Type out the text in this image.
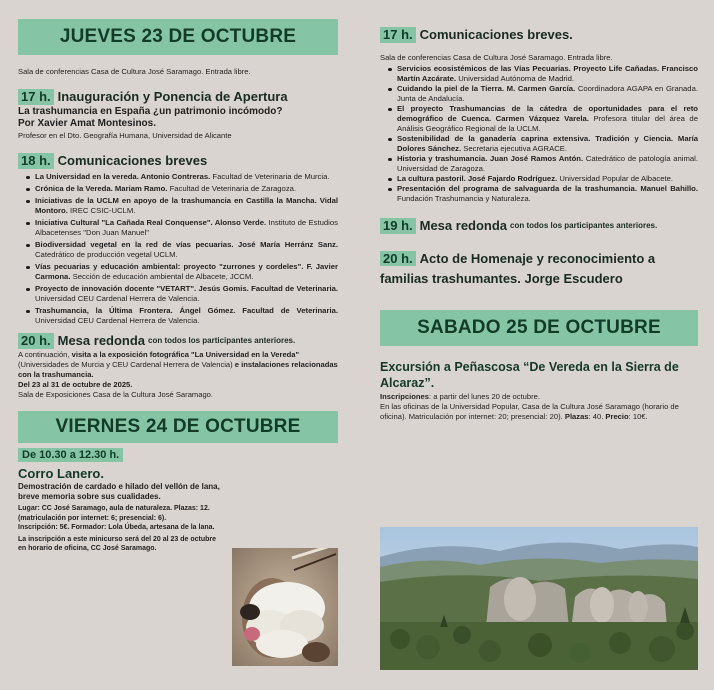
JUEVES 23 DE OCTUBRE
Sala de conferencias Casa de Cultura José Saramago. Entrada libre.
17 h. Inauguración y Ponencia de Apertura
La trashumancia en España ¿un patrimonio incómodo?
Por Xavier Amat Montesinos.
Profesor en el Dto. Geografía Humana, Universidad de Alicante
18 h. Comunicaciones breves
La Universidad en la vereda. Antonio Contreras. Facultad de Veterinaria de Murcia.
Crónica de la Vereda. Mariam Ramo. Facultad de Veterinaria de Zaragoza.
Iniciativas de la UCLM en apoyo de la trashumancia en Castilla la Mancha. Vidal Montoro. IREC CSIC-UCLM.
Iniciativa Cultural "La Cañada Real Conquense". Alonso Verde. Instituto de Estudios Albacetenses "Don Juan Manuel"
Biodiversidad vegetal en la red de vías pecuarias. José María Herránz Sanz. Catedrático de producción vegetal UCLM.
Vías pecuarias y educación ambiental: proyecto "zurrones y cordeles". F. Javier Carmona. Sección de educación ambiental de Albacete, JCCM.
Proyecto de innovación docente "VETART". Jesús Gomis. Facultad de Veterinaria. Universidad CEU Cardenal Herrera de Valencia.
Trashumancia, la Última Frontera. Ángel Gómez. Facultad de Veterinaria. Universidad CEU Cardenal Herrera de Valencia.
20 h. Mesa redonda con todos los participantes anteriores.
A continuación, visita a la exposición fotográfica "La Universidad en la Vereda" (Universidades de Murcia y CEU Cardenal Herrera de Valencia) e instalaciones relacionadas con la trashumancia.
Del 23 al 31 de octubre de 2025.
Sala de Exposiciones Casa de la Cultura José Saramago.
VIERNES 24 DE OCTUBRE
De 10.30 a 12.30 h.
Corro Lanero.
Demostración de cardado e hilado del vellón de lana, breve memoria sobre sus cualidades.
Lugar: CC José Saramago, aula de naturaleza. Plazas: 12. (matriculación por internet: 6; presencial: 6).
Inscripción: 5€. Formador: Lola Úbeda, artesana de la lana.
La inscripción a este minicurso será del 20 al 23 de octubre en horario de oficina, CC José Saramago.
17 h. Comunicaciones breves.
Sala de conferencias Casa de Cultura José Saramago. Entrada libre.
Servicios ecosistémicos de las Vías Pecuarias. Proyecto Life Cañadas. Francisco Martín Azcárate. Universidad Autónoma de Madrid.
Cuidando la piel de la Tierra. M. Carmen García. Coordinadora AGAPA en Granada. Junta de Andalucía.
El proyecto Trashumancias de la cátedra de oportunidades para el reto demográfico de Cuenca. Carmen Vázquez Varela. Profesora titular del área de Análisis Geográfico Regional de la UCLM.
Sostenibilidad de la ganadería caprina extensiva. Tradición y Ciencia. María Dolores Sánchez. Secretaria ejecutiva AGRACE.
Historia y trashumancia. Juan José Ramos Antón. Catedrático de patología animal. Universidad de Zaragoza.
La cultura pastoril. José Fajardo Rodríguez. Universidad Popular de Albacete.
Presentación del programa de salvaguarda de la trashumancia. Manuel Bahillo. Fundación Trashumancia y Naturaleza.
19 h. Mesa redonda con todos los participantes anteriores.
20 h. Acto de Homenaje y reconocimiento a familias trashumantes. Jorge Escudero
SABADO 25 DE OCTUBRE
Excursión a Peñascosa “De Vereda en la Sierra de Alcaraz”.
Inscripciones: a partir del lunes 20 de octubre.
En las oficinas de la Universidad Popular, Casa de la Cultura José Saramago (horario de oficina). Matriculación por internet: 20; presencial: 20). Plazas: 40. Precio: 10€.
